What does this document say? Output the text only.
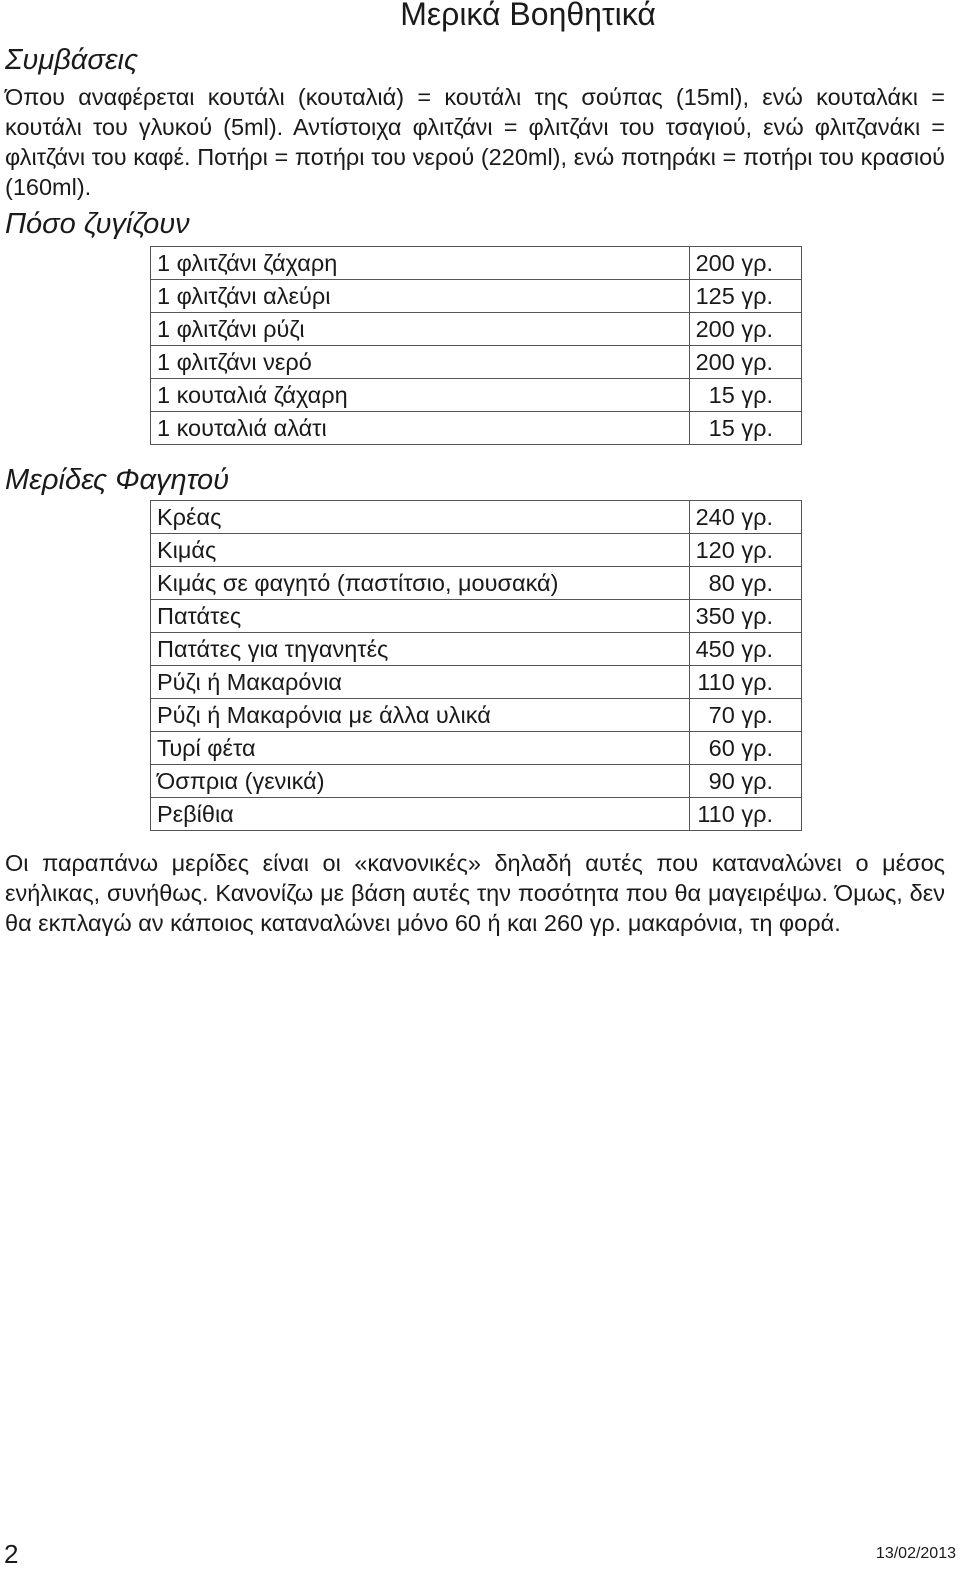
Μερικά Βοηθητικά
Συμβάσεις

Όπου αναφέρεται κουτάλι (κουταλιά) = κουτάλι της σούπας (15ml), ενώ κουταλάκι = κουτάλι του γλυκού (5ml). Αντίστοιχα φλιτζάνι = φλιτζάνι του τσαγιού, ενώ φλιτζανάκι = φλιτζάνι του καφέ. Ποτήρι = ποτήρι του νερού (220ml), ενώ ποτηράκι = ποτήρι του κρασιού (160ml).

Πόσο ζυγίζουν
1 φλιτζάνι ζάχαρη	200 γρ.
1 φλιτζάνι αλεύρι	125 γρ.
1 φλιτζάνι ρύζι	200 γρ.
1 φλιτζάνι νερό	200 γρ.
1 κουταλιά ζάχαρη	15 γρ.
1 κουταλιά αλάτι	15 γρ.
Μερίδες Φαγητού
Κρέας	240 γρ.
Κιμάς	120 γρ.
Κιμάς σε φαγητό (παστίτσιο, μουσακά)	80 γρ.
Πατάτες	350 γρ.
Πατάτες για τηγανητές	450 γρ.
Ρύζι ή Μακαρόνια	110 γρ.
Ρύζι ή Μακαρόνια με άλλα υλικά	70 γρ.
Τυρί φέτα	60 γρ.
Όσπρια (γενικά)	90 γρ.
Ρεβίθια	110 γρ.

Οι παραπάνω μερίδες είναι οι «κανονικές» δηλαδή αυτές που καταναλώνει ο μέσος ενήλικας, συνήθως. Κανονίζω με βάση αυτές την ποσότητα που θα μαγειρέψω. Όμως, δεν θα εκπλαγώ αν κάποιος καταναλώνει μόνο 60 ή και 260 γρ. μακαρόνια, τη φορά.

2	13/02/2013
